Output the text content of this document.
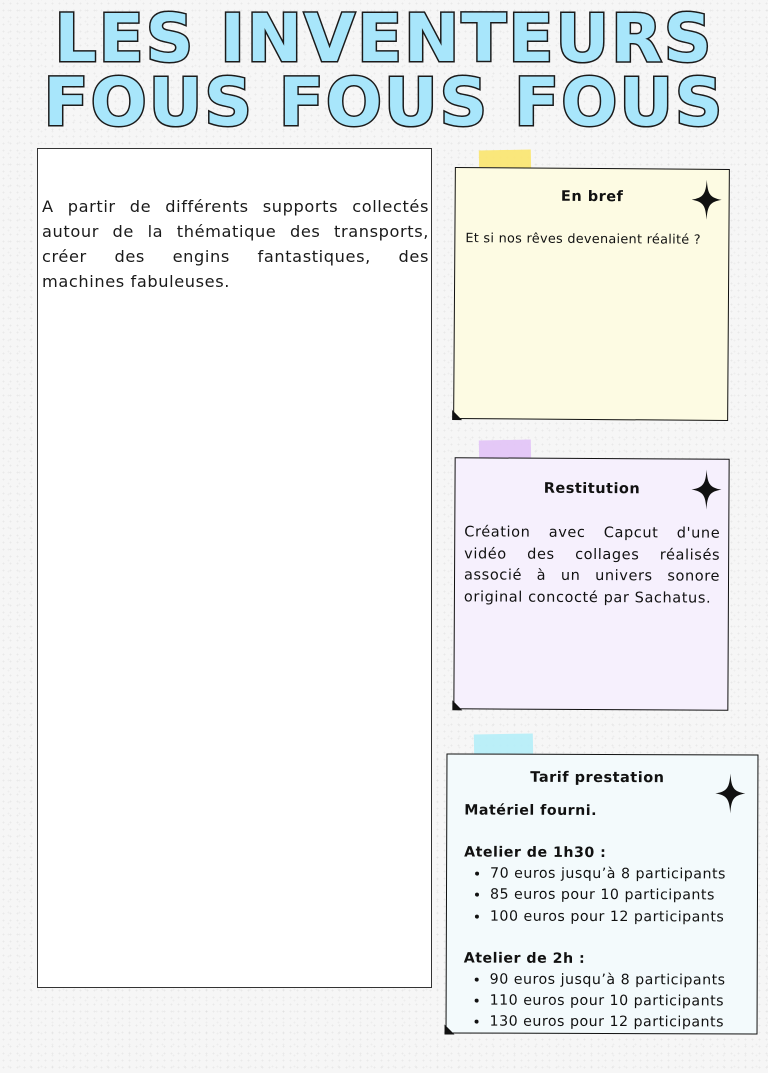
LES INVENTEURS
FOUS FOUS FOUS
A partir de différents supports collectés autour de la thématique des transports, créer des engins fantastiques, des machines fabuleuses.
En bref
Et si nos rêves devenaient réalité ?
Restitution
Création avec Capcut d'une vidéo des collages réalisés associé à un univers sonore original concocté par Sachatus.
Tarif prestation

Matériel fourni.

Atelier de 1h30 :

• 70 euros jusqu’à 8 participants
• 85 euros pour 10 participants
• 100 euros pour 12 participants

Atelier de 2h :

• 90 euros jusqu’à 8 participants
• 110 euros pour 10 participants
• 130 euros pour 12 participants
